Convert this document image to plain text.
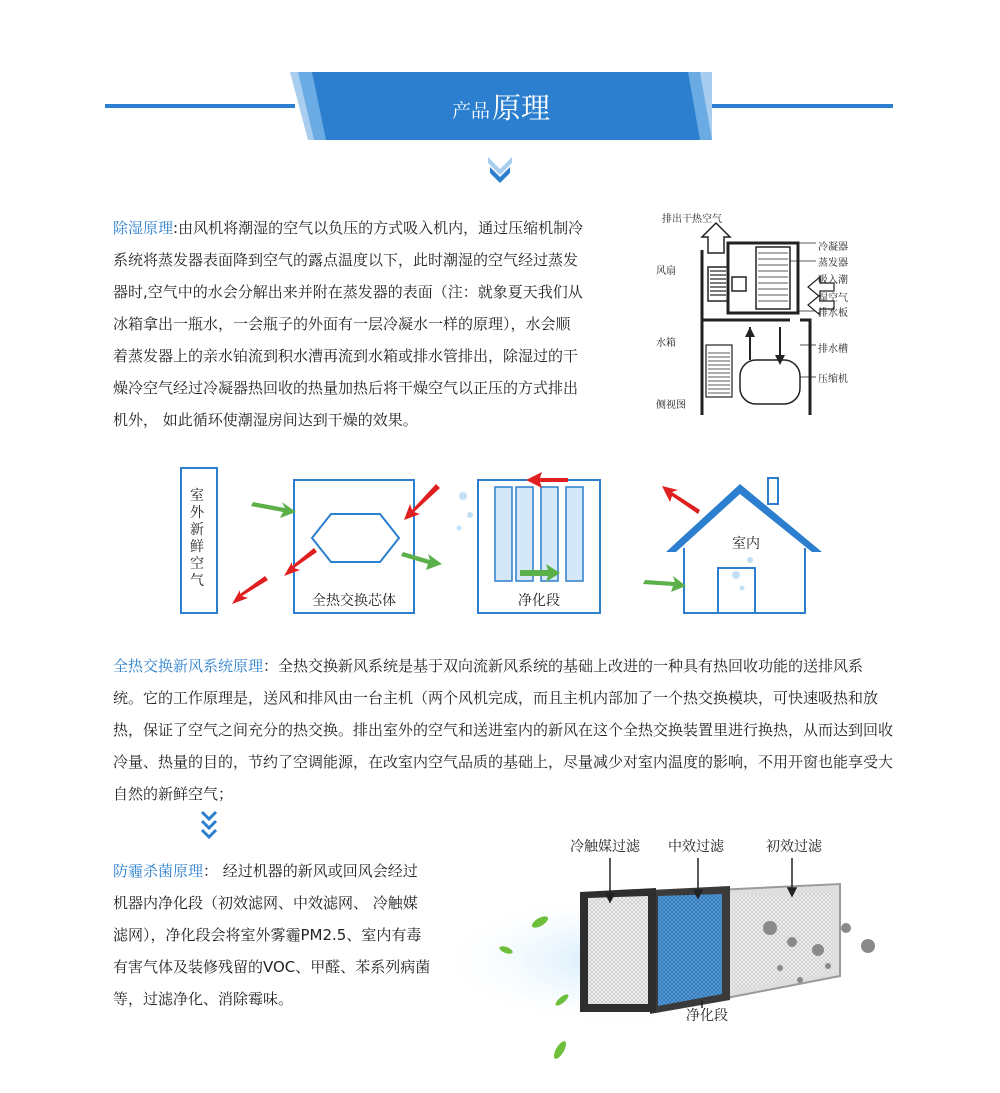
产品 原理
除湿原理:由风机将潮湿的空气以负压的方式吸入机内，通过压缩机制冷系统将蒸发器表面降到空气的露点温度以下，此时潮湿的空气经过蒸发器时,空气中的水会分解出来并附在蒸发器的表面（注：就象夏天我们从冰箱拿出一瓶水，一会瓶子的外面有一层冷凝水一样的原理），水会顺着蒸发器上的亲水铂流到积水漕再流到水箱或排水管排出，除湿过的干燥冷空气经过冷凝器热回收的热量加热后将干燥空气以正压的方式排出机外， 如此循环使潮湿房间达到干燥的效果。
排出干热空气
冷凝器
蒸发器
吸入潮
湿空气
排水板
风扇
水箱
排水槽
压缩机
侧视图
室外新鲜空气
全热交换芯体	净化段
室内
全热交换新风系统原理：全热交换新风系统是基于双向流新风系统的基础上改进的一种具有热回收功能的送排风系统。它的工作原理是，送风和排风由一台主机（两个风机完成，而且主机内部加了一个热交换模块，可快速吸热和放热，保证了空气之间充分的热交换。排出室外的空气和送进室内的新风在这个全热交换装置里进行换热，从而达到回收冷量、热量的目的，节约了空调能源，在改室内空气品质的基础上，尽量减少对室内温度的影响，不用开窗也能享受大自然的新鲜空气；
防霾杀菌原理： 经过机器的新风或回风会经过机器内净化段（初效滤网、中效滤网、 冷触媒滤网），净化段会将室外雾霾PM2.5、室内有毒有害气体及装修残留的VOC、甲醛、苯系列病菌等，过滤净化、消除霉味。
冷触媒过滤 中效过滤	初效过滤
净化段
